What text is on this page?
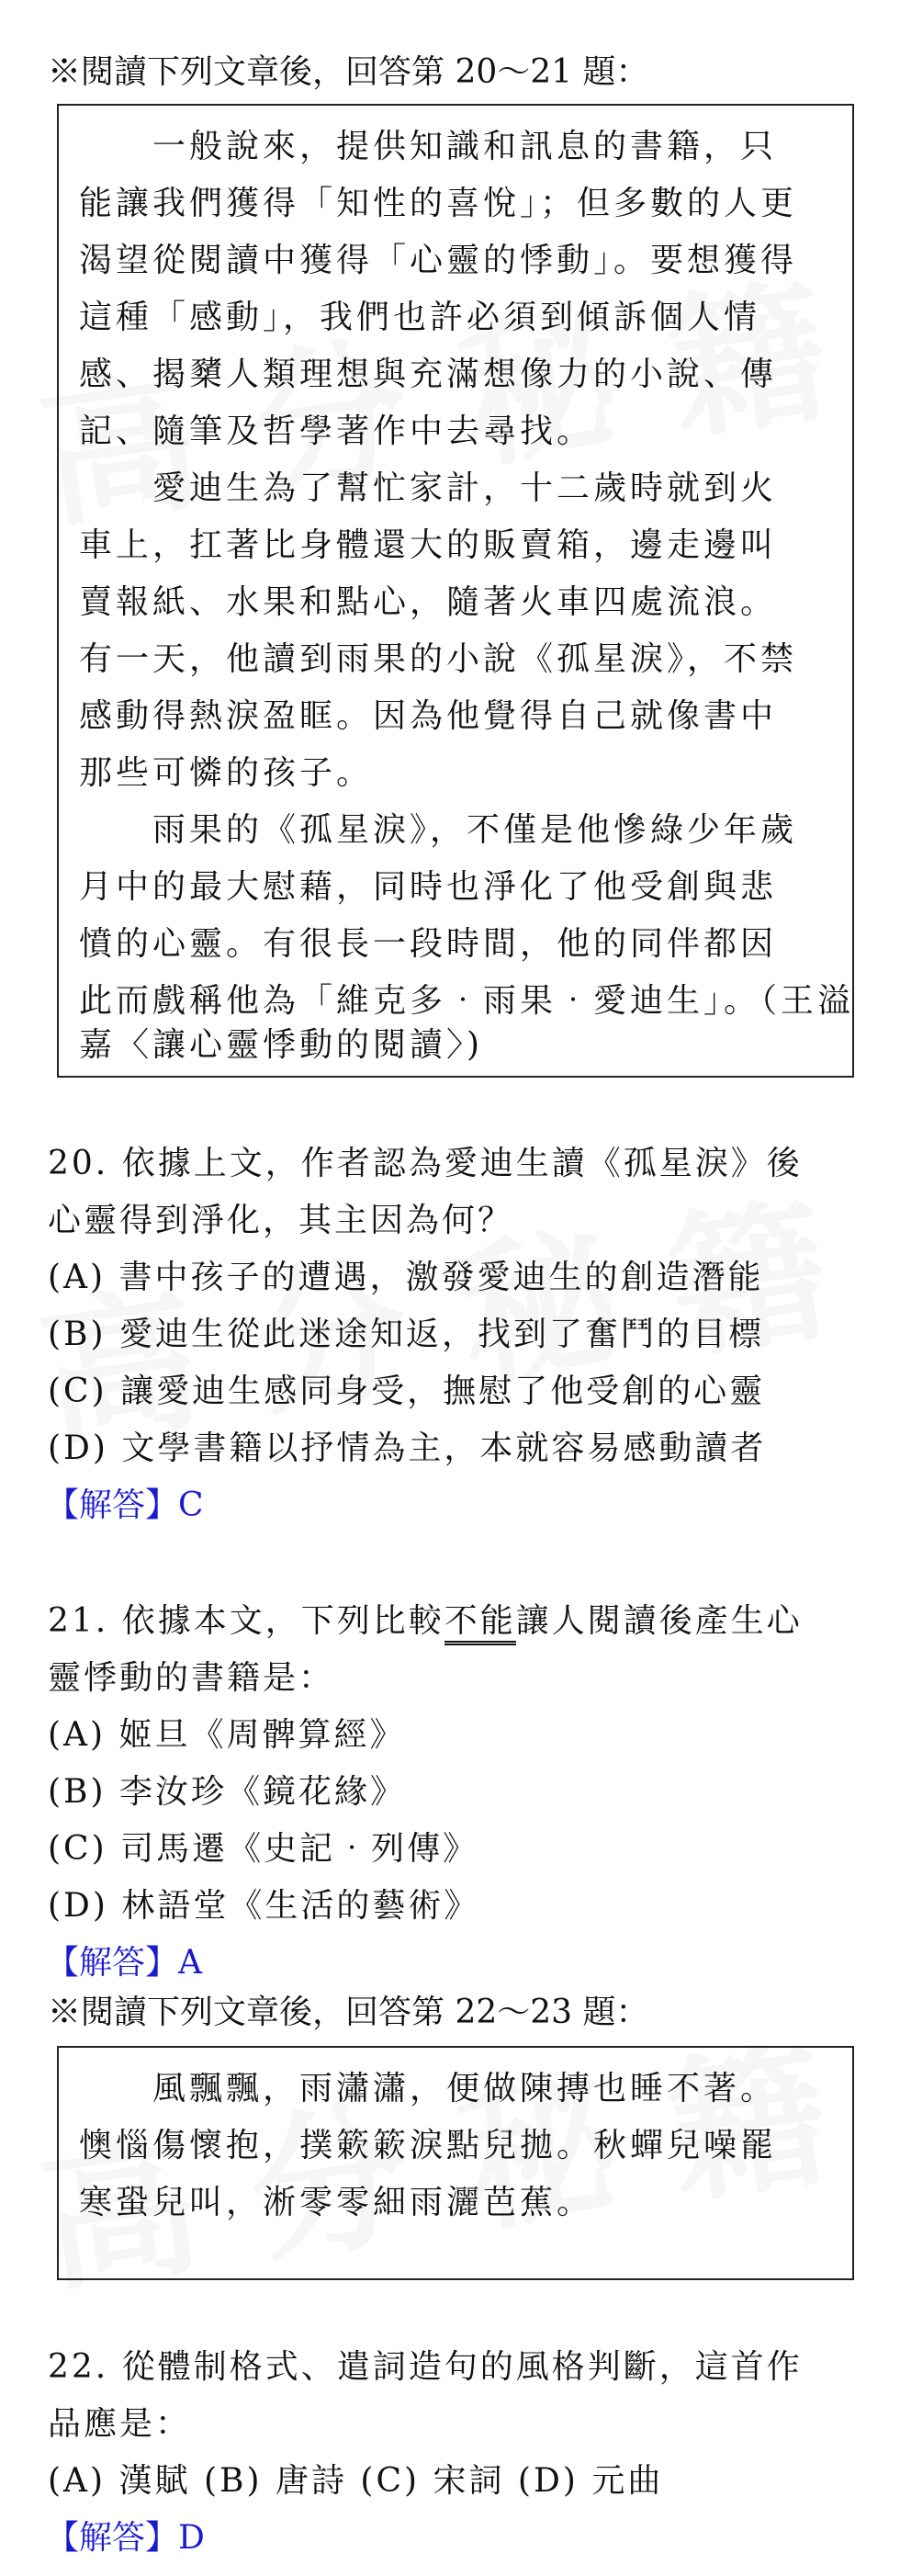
※閱讀下列文章後，回答第 20～21 題：
　　一般說來，提供知識和訊息的書籍，只
能讓我們獲得「知性的喜悅」；但多數的人更
渴望從閱讀中獲得「心靈的悸動」。要想獲得
這種「感動」，我們也許必須到傾訴個人情
感、揭櫫人類理想與充滿想像力的小說、傳
記、隨筆及哲學著作中去尋找。
　　愛迪生為了幫忙家計，十二歲時就到火
車上，扛著比身體還大的販賣箱，邊走邊叫
賣報紙、水果和點心，隨著火車四處流浪。
有一天，他讀到雨果的小說《孤星淚》，不禁
感動得熱淚盈眶。因為他覺得自己就像書中
那些可憐的孩子。
　　雨果的《孤星淚》，不僅是他慘綠少年歲
月中的最大慰藉，同時也淨化了他受創與悲
憤的心靈。有很長一段時間，他的同伴都因
此而戲稱他為「維克多‧雨果‧愛迪生」。（王溢
嘉〈讓心靈悸動的閱讀〉)
20. 依據上文，作者認為愛迪生讀《孤星淚》後
心靈得到淨化，其主因為何？
(A) 書中孩子的遭遇，激發愛迪生的創造潛能
(B) 愛迪生從此迷途知返，找到了奮鬥的目標
(C) 讓愛迪生感同身受，撫慰了他受創的心靈
(D) 文學書籍以抒情為主，本就容易感動讀者
【解答】C
21. 依據本文，下列比較不能讓人閱讀後產生心
靈悸動的書籍是：
(A) 姬旦《周髀算經》
(B) 李汝珍《鏡花緣》
(C) 司馬遷《史記‧列傳》
(D) 林語堂《生活的藝術》
【解答】A
※閱讀下列文章後，回答第 22～23 題：
　　風飄飄，雨瀟瀟，便做陳摶也睡不著。
懊惱傷懷抱，撲簌簌淚點兒拋。秋蟬兒噪罷
寒蛩兒叫，淅零零細雨灑芭蕉。
22. 從體制格式、遣詞造句的風格判斷，這首作
品應是：
(A) 漢賦 (B) 唐詩 (C) 宋詞 (D) 元曲
【解答】D
